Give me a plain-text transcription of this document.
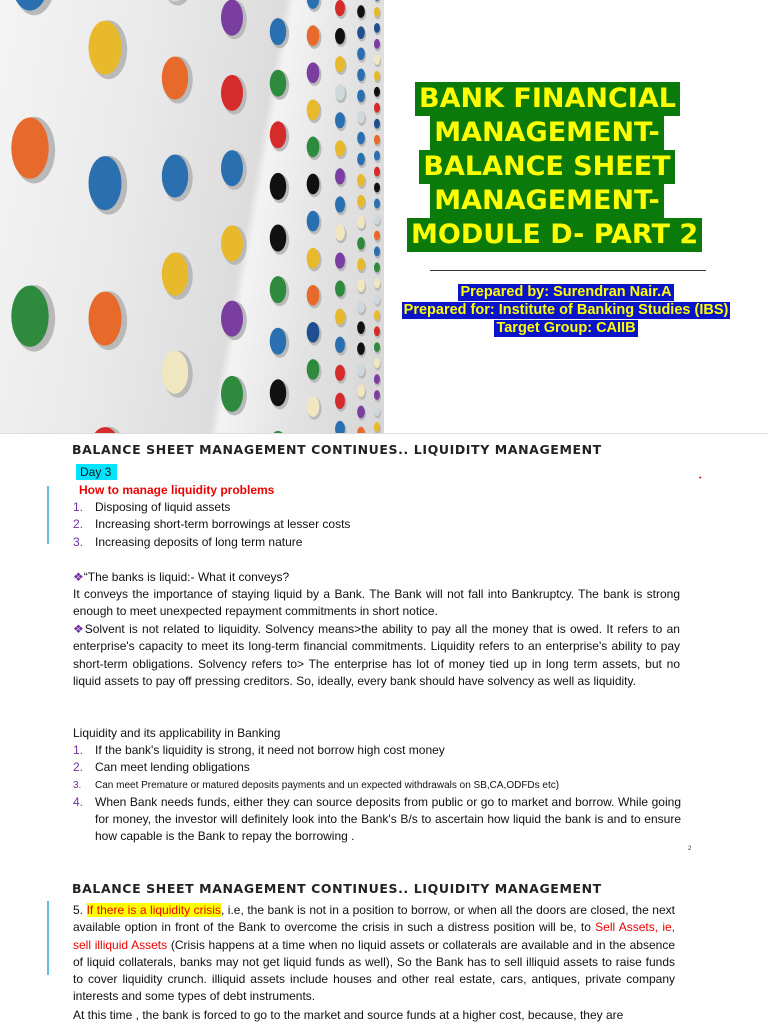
BANK FINANCIAL
MANAGEMENT-
BALANCE SHEET
MANAGEMENT-
MODULE D- PART 2
Prepared by: Surendran Nair.A
Prepared for: Institute of Banking Studies (IBS)
Target Group: CAIIB
BALANCE SHEET MANAGEMENT CONTINUES.. LIQUIDITY MANAGEMENT
Day 3	•
How to manage liquidity problems
1. Disposing of liquid assets
2. Increasing short-term borrowings at lesser costs
3. Increasing deposits of long term nature
❖“The banks is liquid:- What it conveys?
It conveys the importance of staying liquid by a Bank. The Bank will not fall into Bankruptcy. The bank is strong enough to meet unexpected repayment commitments in short notice.
❖Solvent is not related to liquidity. Solvency means>the ability to pay all the money that is owed. It refers to an enterprise's capacity to meet its long-term financial commitments. Liquidity refers to an enterprise's ability to pay short-term obligations. Solvency refers to> The enterprise has lot of money tied up in long term assets, but no liquid assets to pay off pressing creditors. So, ideally, every bank should have solvency as well as liquidity.
Liquidity and its applicability in Banking
1. If the bank's liquidity is strong, it need not borrow high cost money
2. Can meet lending obligations
3.	Can meet Premature or matured deposits payments and un expected withdrawals on SB,CA,ODFDs etc)
4. When Bank needs funds, either they can source deposits from public or go to market and borrow. While going for money, the investor will definitely look into the Bank's B/s to ascertain how liquid the bank is and to ensure how capable is the Bank to repay the borrowing .
2
BALANCE SHEET MANAGEMENT CONTINUES.. LIQUIDITY MANAGEMENT
5. If there is a liquidity crisis, i.e, the bank is not in a position to borrow, or when all the doors are closed, the next available option in front of the Bank to overcome the crisis in such a distress position will be, to Sell Assets, ie, sell illiquid Assets (Crisis happens at a time when no liquid assets or collaterals are available and in the absence of liquid collaterals, banks may not get liquid funds as well), So the Bank has to sell illiquid assets to raise funds to cover liquidity crunch. illiquid assets include houses and other real estate, cars, antiques, private company interests and some types of debt instruments.
At this time , the bank is forced to go to the market and source funds at a higher cost, because, they are
